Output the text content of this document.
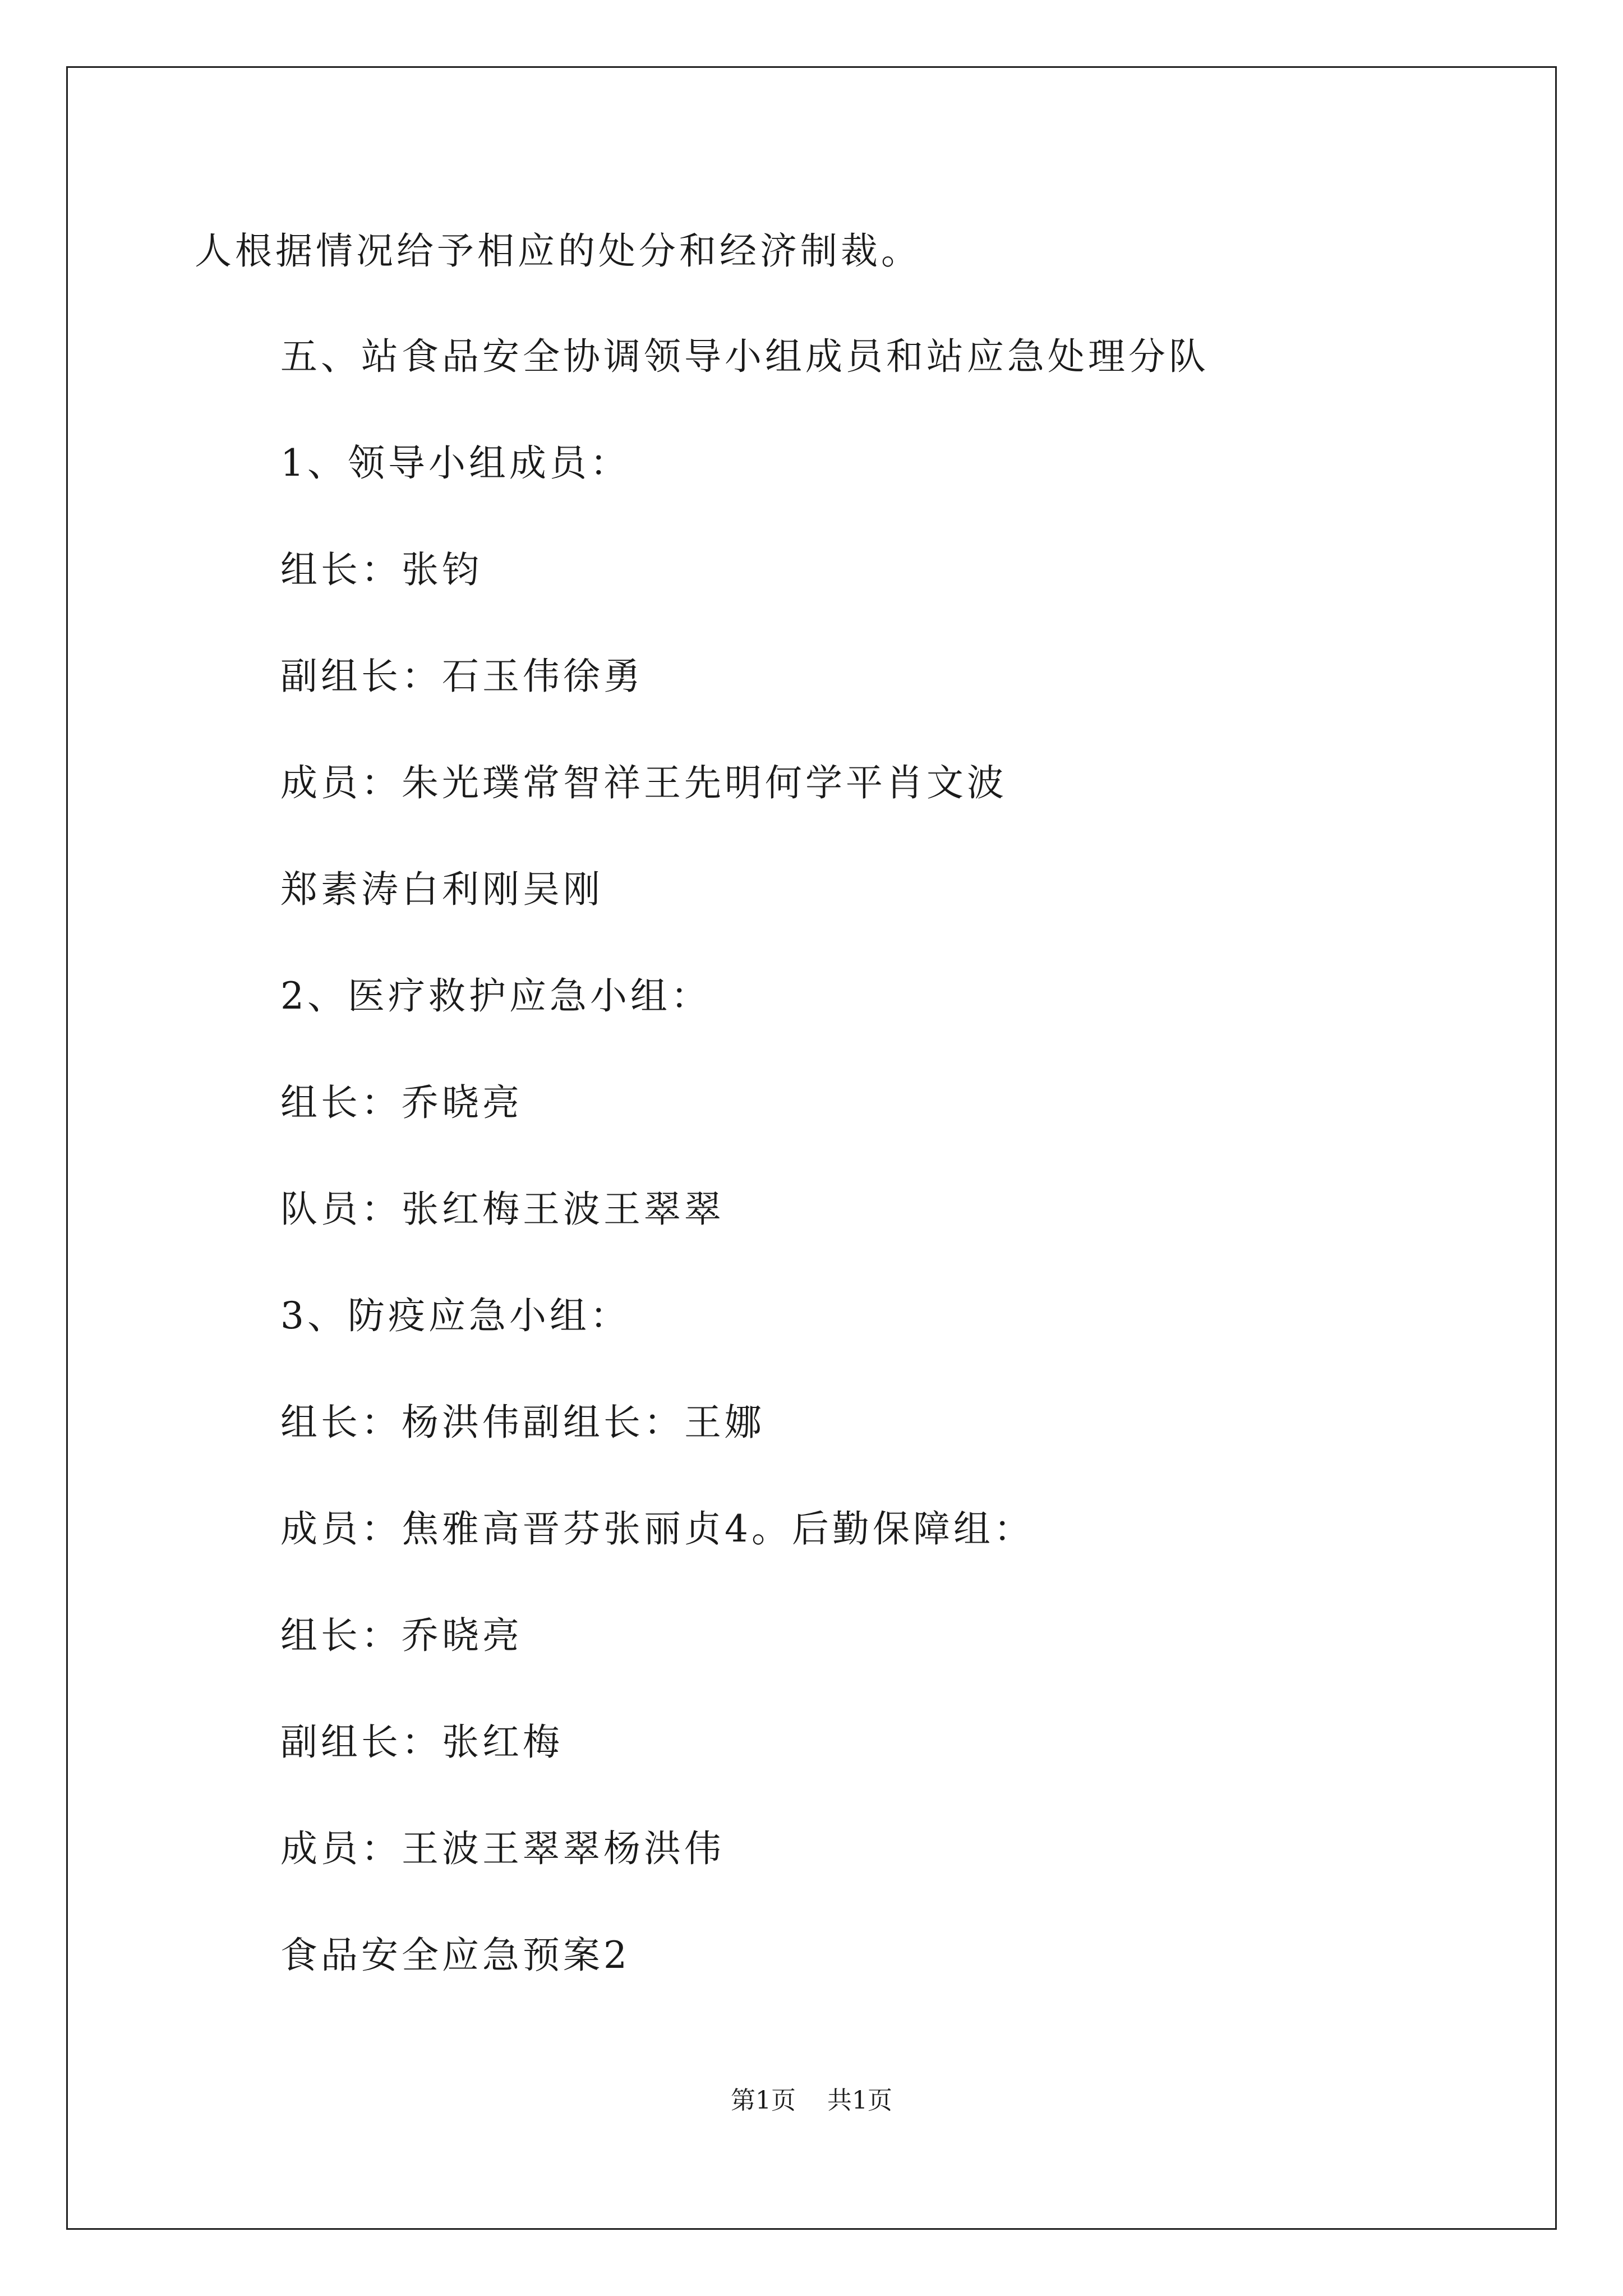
人根据情况给予相应的处分和经济制裁。
五、站食品安全协调领导小组成员和站应急处理分队
1、领导小组成员：
组长：张钧
副组长：石玉伟徐勇
成员：朱光璞常智祥王先明何学平肖文波
郑素涛白利刚吴刚
2、医疗救护应急小组：
组长：乔晓亮
队员：张红梅王波王翠翠
3、防疫应急小组：
组长：杨洪伟副组长：王娜
成员：焦雅高晋芬张丽贞4。后勤保障组：
组长：乔晓亮
副组长：张红梅
成员：王波王翠翠杨洪伟
食品安全应急预案2
第1页 共1页
